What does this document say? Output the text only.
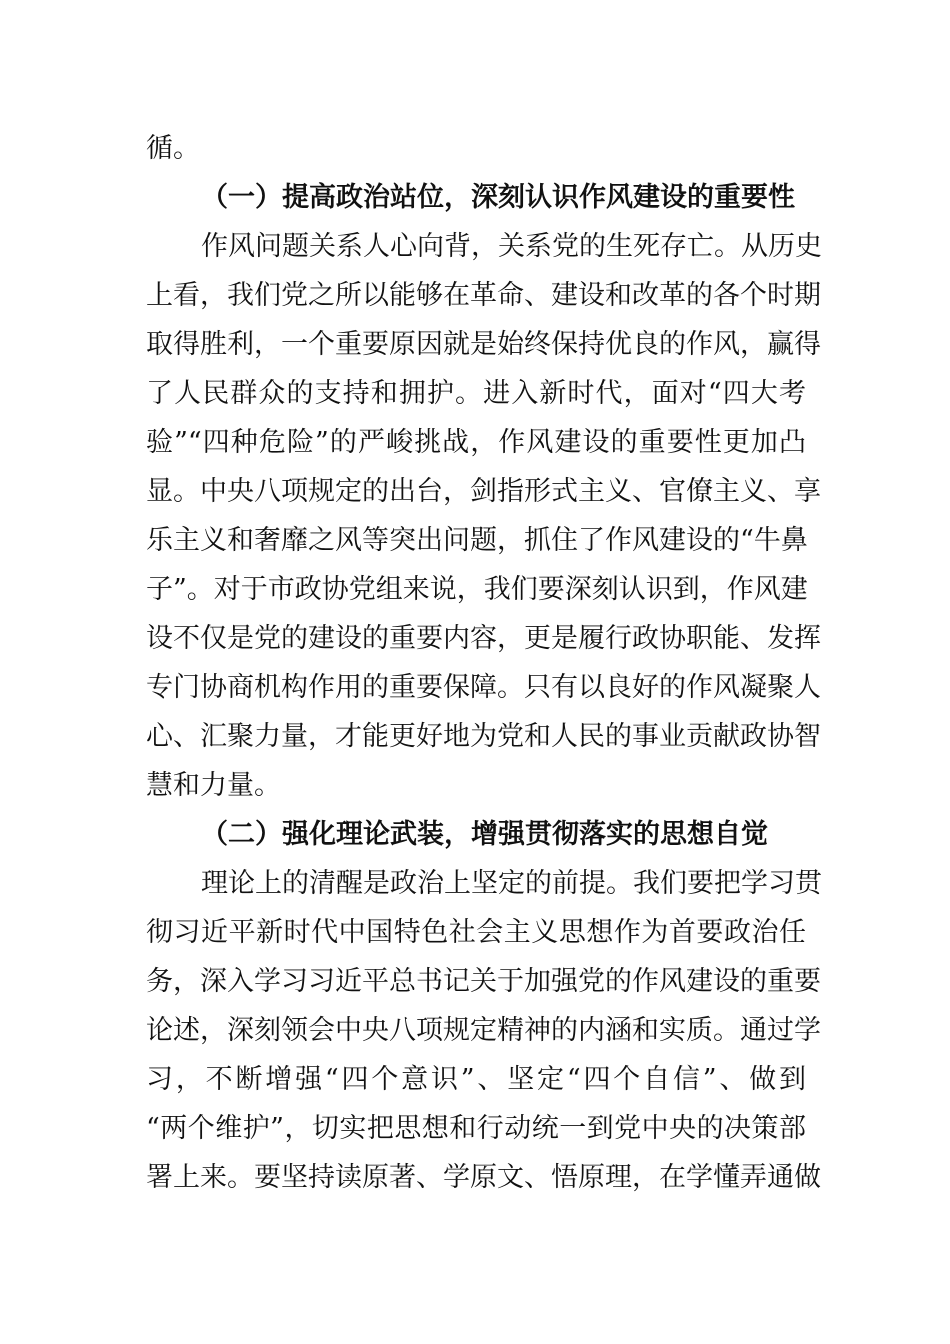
循。
（一）提高政治站位，深刻认识作风建设的重要性
作风问题关系人心向背，关系党的生死存亡。从历史
上看，我们党之所以能够在革命、建设和改革的各个时期
取得胜利，一个重要原因就是始终保持优良的作风，赢得
了人民群众的支持和拥护。进入新时代，面对“四大考
验”“四种危险”的严峻挑战，作风建设的重要性更加凸
显。中央八项规定的出台，剑指形式主义、官僚主义、享
乐主义和奢靡之风等突出问题，抓住了作风建设的“牛鼻
子”。对于市政协党组来说，我们要深刻认识到，作风建
设不仅是党的建设的重要内容，更是履行政协职能、发挥
专门协商机构作用的重要保障。只有以良好的作风凝聚人
心、汇聚力量，才能更好地为党和人民的事业贡献政协智
慧和力量。
（二）强化理论武装，增强贯彻落实的思想自觉
理论上的清醒是政治上坚定的前提。我们要把学习贯
彻习近平新时代中国特色社会主义思想作为首要政治任
务，深入学习习近平总书记关于加强党的作风建设的重要
论述，深刻领会中央八项规定精神的内涵和实质。通过学
习，不断增强“四个意识”、坚定“四个自信”、做到
“两个维护”，切实把思想和行动统一到党中央的决策部
署上来。要坚持读原著、学原文、悟原理，在学懂弄通做
